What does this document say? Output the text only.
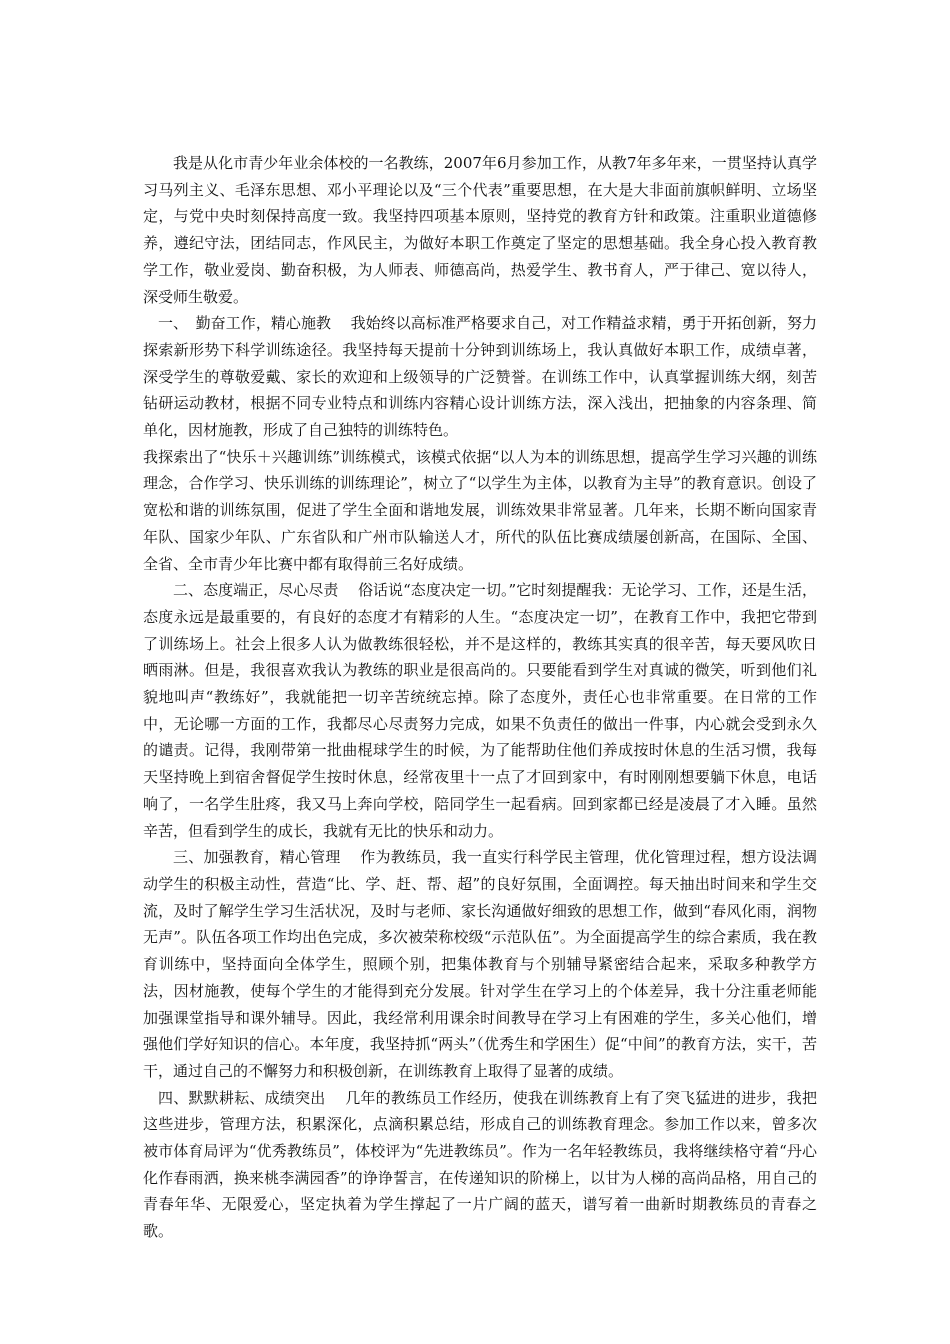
我是从化市青少年业余体校的一名教练，2007年6月参加工作，从教7年多年来，一贯坚持认真学习马列主义、毛泽东思想、邓小平理论以及“三个代表”重要思想，在大是大非面前旗帜鲜明、立场坚定，与党中央时刻保持高度一致。我坚持四项基本原则，坚持党的教育方针和政策。注重职业道德修养，遵纪守法，团结同志，作风民主，为做好本职工作奠定了坚定的思想基础。我全身心投入教育教学工作，敬业爱岗、勤奋积极，为人师表、师德高尚，热爱学生、教书育人，严于律己、宽以待人，深受师生敬爱。

一、　勤奋工作，精心施教 我始终以高标准严格要求自己，对工作精益求精，勇于开拓创新，努力探索新形势下科学训练途径。我坚持每天提前十分钟到训练场上，我认真做好本职工作，成绩卓著，深受学生的尊敬爱戴、家长的欢迎和上级领导的广泛赞誉。在训练工作中，认真掌握训练大纲，刻苦钻研运动教材，根据不同专业特点和训练内容精心设计训练方法，深入浅出，把抽象的内容条理、简单化，因材施教，形成了自己独特的训练特色。

我探索出了“快乐＋兴趣训练”训练模式，该模式依据“以人为本的训练思想，提高学生学习兴趣的训练理念，合作学习、快乐训练的训练理论”，树立了“以学生为主体，以教育为主导”的教育意识。创设了宽松和谐的训练氛围，促进了学生全面和谐地发展，训练效果非常显著。几年来，长期不断向国家青年队、国家少年队、广东省队和广州市队输送人才，所代的队伍比赛成绩屡创新高，在国际、全国、全省、全市青少年比赛中都有取得前三名好成绩。

二、态度端正，尽心尽责 俗话说“态度决定一切。”它时刻提醒我：无论学习、工作，还是生活，态度永远是最重要的，有良好的态度才有精彩的人生。“态度决定一切”，在教育工作中，我把它带到了训练场上。社会上很多人认为做教练很轻松，并不是这样的，教练其实真的很辛苦，每天要风吹日晒雨淋。但是，我很喜欢我认为教练的职业是很高尚的。只要能看到学生对真诚的微笑，听到他们礼貌地叫声“教练好”，我就能把一切辛苦统统忘掉。除了态度外，责任心也非常重要。在日常的工作中，无论哪一方面的工作，我都尽心尽责努力完成，如果不负责任的做出一件事，内心就会受到永久的谴责。记得，我刚带第一批曲棍球学生的时候，为了能帮助住他们养成按时休息的生活习惯，我每天坚持晚上到宿舍督促学生按时休息，经常夜里十一点了才回到家中，有时刚刚想要躺下休息，电话响了，一名学生肚疼，我又马上奔向学校，陪同学生一起看病。回到家都已经是凌晨了才入睡。虽然辛苦，但看到学生的成长，我就有无比的快乐和动力。

三、加强教育，精心管理 作为教练员，我一直实行科学民主管理，优化管理过程，想方设法调动学生的积极主动性，营造“比、学、赶、帮、超”的良好氛围，全面调控。每天抽出时间来和学生交流，及时了解学生学习生活状况，及时与老师、家长沟通做好细致的思想工作，做到“春风化雨，润物无声”。队伍各项工作均出色完成，多次被荣称校级“示范队伍”。为全面提高学生的综合素质，我在教育训练中，坚持面向全体学生，照顾个别，把集体教育与个别辅导紧密结合起来，采取多种教学方法，因材施教，使每个学生的才能得到充分发展。针对学生在学习上的个体差异，我十分注重老师能加强课堂指导和课外辅导。因此，我经常利用课余时间教导在学习上有困难的学生，多关心他们，增强他们学好知识的信心。本年度，我坚持抓“两头”（优秀生和学困生）促“中间”的教育方法，实干，苦干，通过自己的不懈努力和积极创新，在训练教育上取得了显著的成绩。

四、默默耕耘、成绩突出 几年的教练员工作经历，使我在训练教育上有了突飞猛进的进步，我把这些进步，管理方法，积累深化，点滴积累总结，形成自己的训练教育理念。参加工作以来，曾多次被市体育局评为“优秀教练员”，体校评为“先进教练员”。作为一名年轻教练员，我将继续格守着“丹心化作春雨洒，换来桃李满园香”的诤诤誓言，在传递知识的阶梯上，以甘为人梯的高尚品格，用自己的青春年华、无限爱心，坚定执着为学生撑起了一片广阔的蓝天，谱写着一曲新时期教练员的青春之歌。
